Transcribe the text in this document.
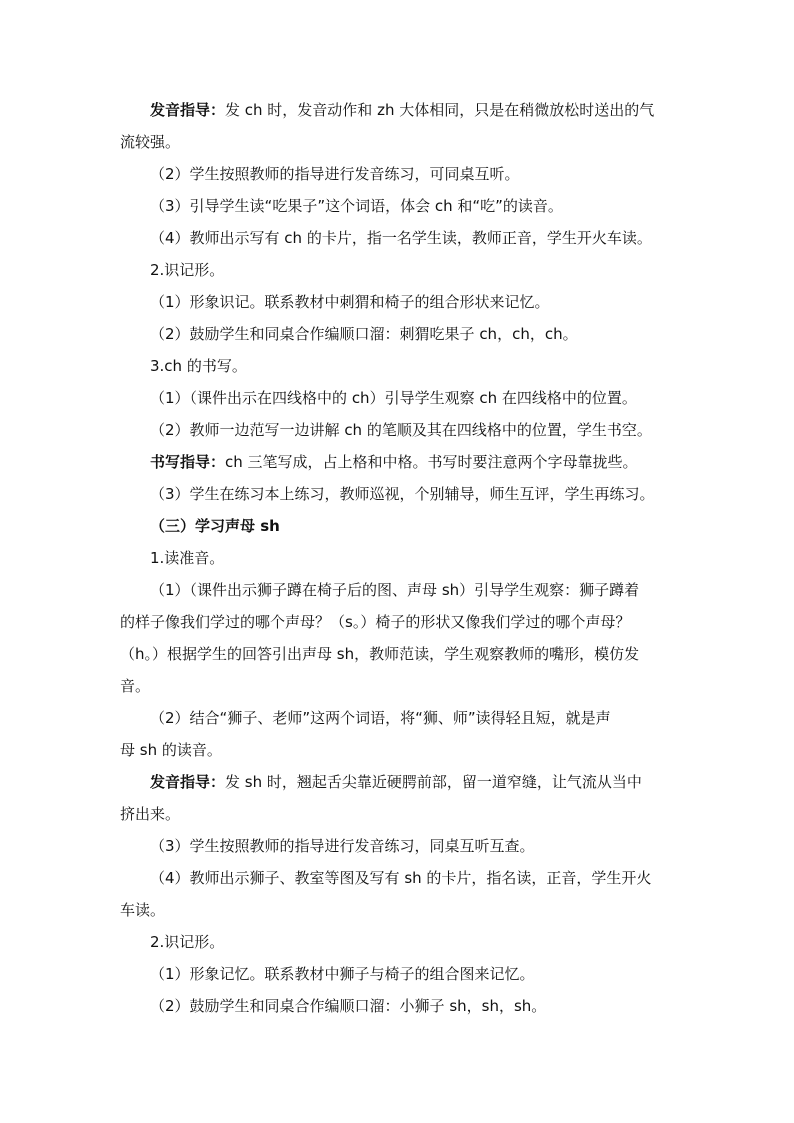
发音指导：发 ch 时，发音动作和 zh 大体相同，只是在稍微放松时送出的气
流较强。
（2）学生按照教师的指导进行发音练习，可同桌互听。
（3）引导学生读“吃果子”这个词语，体会 ch 和“吃”的读音。
（4）教师出示写有 ch 的卡片，指一名学生读，教师正音，学生开火车读。
2.识记形。
（1）形象识记。联系教材中刺猬和椅子的组合形状来记忆。
（2）鼓励学生和同桌合作编顺口溜：刺猬吃果子 ch，ch，ch。
3.ch 的书写。
（1）（课件出示在四线格中的 ch）引导学生观察 ch 在四线格中的位置。
（2）教师一边范写一边讲解 ch 的笔顺及其在四线格中的位置，学生书空。
书写指导：ch 三笔写成，占上格和中格。书写时要注意两个字母靠拢些。
（3）学生在练习本上练习，教师巡视，个别辅导，师生互评，学生再练习。
（三）学习声母 sh
1.读准音。
（1）（课件出示狮子蹲在椅子后的图、声母 sh）引导学生观察：狮子蹲着
的样子像我们学过的哪个声母？（s。）椅子的形状又像我们学过的哪个声母？
（h。）根据学生的回答引出声母 sh，教师范读，学生观察教师的嘴形，模仿发
音。
（2）结合“狮子、老师”这两个词语，将“狮、师”读得轻且短，就是声
母 sh 的读音。
发音指导：发 sh 时，翘起舌尖靠近硬腭前部，留一道窄缝，让气流从当中
挤出来。
（3）学生按照教师的指导进行发音练习，同桌互听互查。
（4）教师出示狮子、教室等图及写有 sh 的卡片，指名读，正音，学生开火
车读。
2.识记形。
（1）形象记忆。联系教材中狮子与椅子的组合图来记忆。
（2）鼓励学生和同桌合作编顺口溜：小狮子 sh，sh，sh。
